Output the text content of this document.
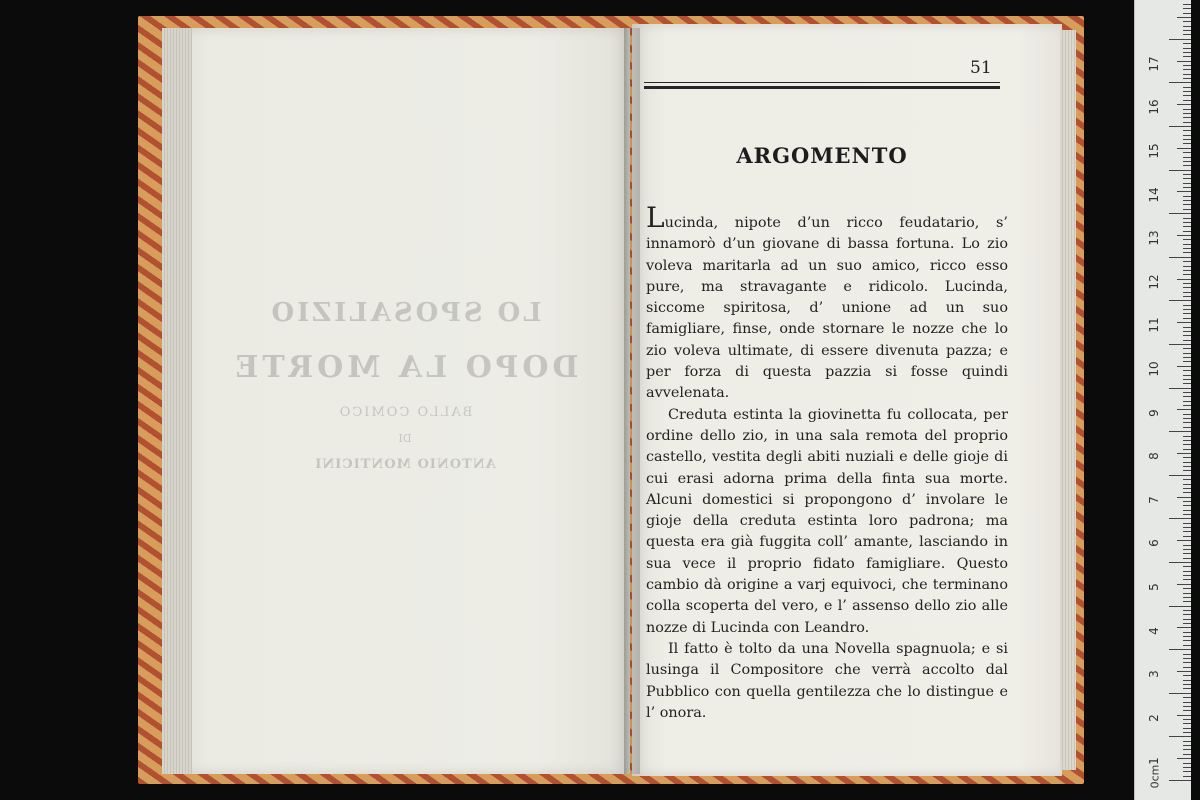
LO SPOSALIZIO
DOPO LA MORTE
BALLO COMICO
DI
ANTONIO MONTICINI
51
ARGOMENTO

Lucinda, nipote d’un ricco feudatario, s’ innamorò d’un giovane di bassa fortuna. Lo zio voleva maritarla ad un suo amico, ricco esso pure, ma stravagante e ridicolo. Lucinda, siccome spiritosa, d’ unione ad un suo famigliare, finse, onde stornare le nozze che lo zio voleva ultimate, di essere divenuta pazza; e per forza di questa pazzia si fosse quindi avvelenata.

Creduta estinta la giovinetta fu collocata, per ordine dello zio, in una sala remota del proprio castello, vestita degli abiti nuziali e delle gioje di cui erasi adorna prima della finta sua morte. Alcuni domestici si propongono d’ involare le gioje della creduta estinta loro padrona; ma questa era già fuggita coll’ amante, lasciando in sua vece il proprio fidato famigliare. Questo cambio dà origine a varj equivoci, che terminano colla scoperta del vero, e l’ assenso dello zio alle nozze di Lucinda con Leandro.

Il fatto è tolto da una Novella spagnuola; e si lusinga il Compositore che verrà accolto dal Pubblico con quella gentilezza che lo distingue e l’ onora.

0cm
17
16
15
14
13
12
11
10
9
8
7
6
5
4
3
2
1
